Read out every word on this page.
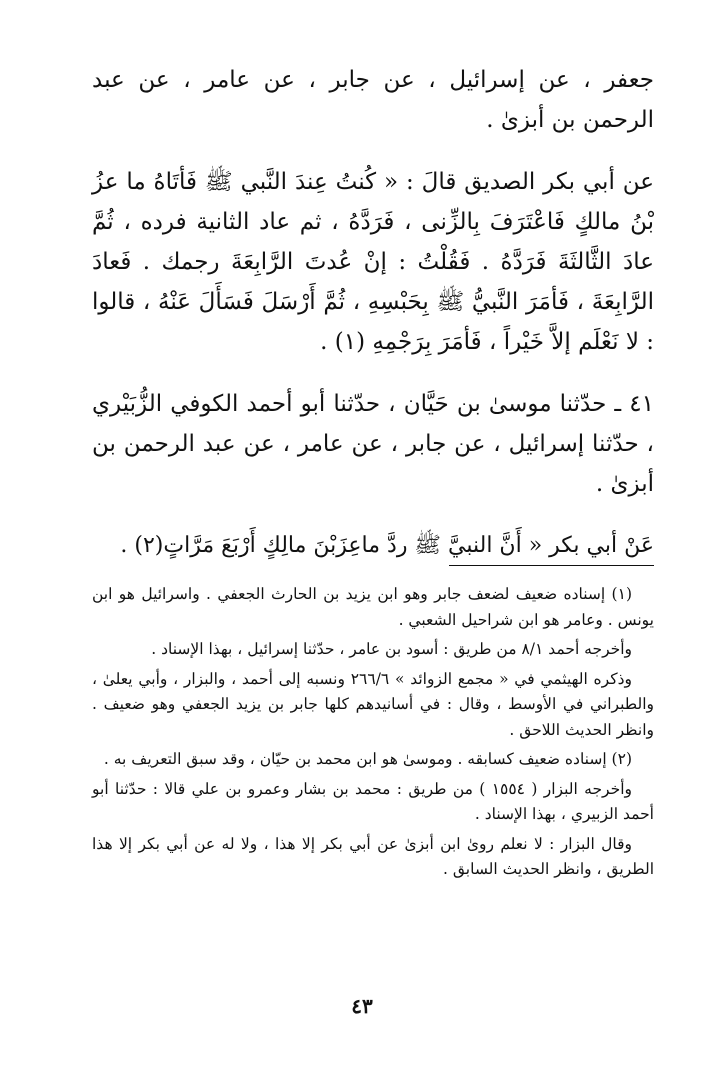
جعفر ، عن إسرائيل ، عن جابر ، عن عامر ، عن عبد الرحمن بن أبزىٰ .

عن أبي بكر الصديق قالَ : « كُنتُ عِندَ النَّبي ﷺ فَأتَاهُ ما عزُ بْنُ مالكٍ فَاعْتَرَفَ بِالزِّنى ، فَرَدَّهُ ، ثم عاد الثانية فرده ، ثُمَّ عادَ الثَّالثَةَ فَرَدَّهُ . فَقُلْتُ : إنْ عُدتَ الرَّابِعَةَ رجمك . فَعادَ الرَّابِعَةَ ، فَأمَرَ النَّبيُّ ﷺ بِحَبْسِهِ ، ثُمَّ أَرْسَلَ فَسَأَلَ عَنْهُ ، قالوا : لا نَعْلَم إلاَّ خَيْراً ، فَأمَرَ بِرَجْمِهِ (١) .

٤١ ـ حدّثنا موسىٰ بن حَيَّان ، حدّثنا أبو أحمد الكوفي الزُّبَيْري ، حدّثنا إسرائيل ، عن جابر ، عن عامر ، عن عبد الرحمن بن أبزىٰ .

عَنْ أبي بكر « أَنَّ النبيَّ ﷺ ردَّ ماعِزَبْنَ مالِكٍ أَرْبَعَ مَرَّاتٍ(٢) .

(١) إسناده ضعيف لضعف جابر وهو ابن يزيد بن الحارث الجعفي . واسرائيل هو ابن يونس . وعامر هو ابن شراحيل الشعبي .

وأخرجه أحمد ٨/١ من طريق : أسود بن عامر ، حدّثنا إسرائيل ، بهذا الإسناد .

وذكره الهيثمي في « مجمع الزوائد » ٢٦٦/٦ ونسبه إلى أحمد ، والبزار ، وأبي يعلىٰ ، والطبراني في الأوسط ، وقال : في أسانيدهم كلها جابر بن يزيد الجعفي وهو ضعيف . وانظر الحديث اللاحق .

(٢) إسناده ضعيف كسابقه . وموسىٰ هو ابن محمد بن حيّان ، وقد سبق التعريف به .

وأخرجه البزار ( ١٥٥٤ ) من طريق : محمد بن بشار وعمرو بن علي قالا : حدّثنا أبو أحمد الزبيري ، بهذا الإسناد .

وقال البزار : لا نعلم روىٰ ابن أبزىٰ عن أبي بكر إلا هذا ، ولا له عن أبي بكر إلا هذا الطريق ، وانظر الحديث السابق .

٤٣
